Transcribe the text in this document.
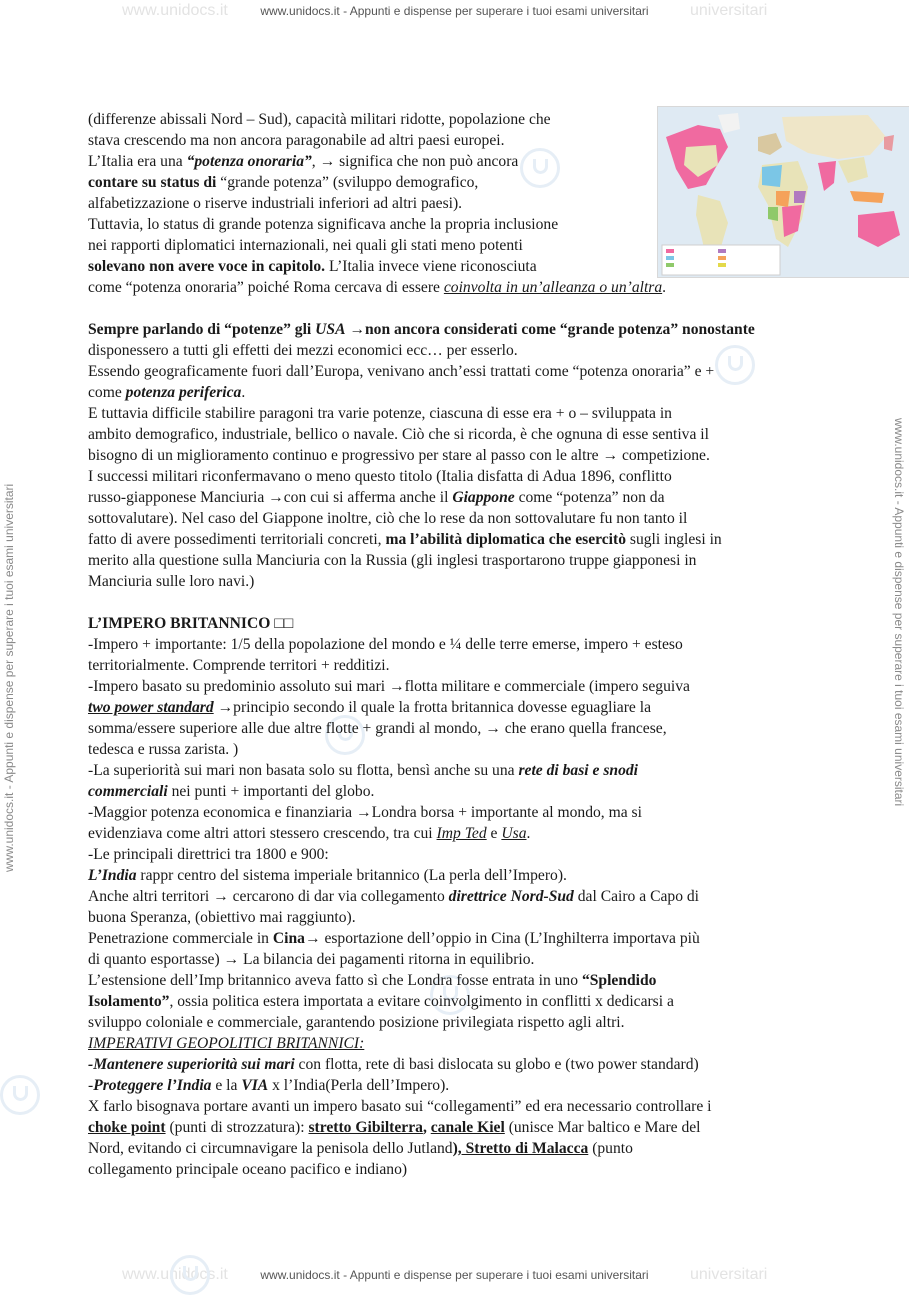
www.unidocs.it - Appunti e dispense per superare i tuoi esami universitari
www.unidocs.it - Appunti e dispense per superare i tuoi esami universitari
www.unidocs.it	universitari
www.unidocs.it	universitari
www.unidocs.it - Appunti e dispense per superare i tuoi esami universitari	www.unidocs.it - Appunti e dispense per superare i tuoi esami universitari

(differenze abissali Nord – Sud), capacità militari ridotte, popolazione che

stava crescendo ma non ancora paragonabile ad altri paesi europei.

L’Italia era una “potenza onoraria”, → significa che non può ancora

contare su status di “grande potenza” (sviluppo demografico,

alfabetizzazione o riserve industriali inferiori ad altri paesi).

Tuttavia, lo status di grande potenza significava anche la propria inclusione

nei rapporti diplomatici internazionali, nei quali gli stati meno potenti

solevano non avere voce in capitolo. L’Italia invece viene riconosciuta

come “potenza onoraria” poiché Roma cercava di essere coinvolta in un’alleanza o un’altra.

Sempre parlando di “potenze” gli USA →non ancora considerati come “grande potenza” nonostante

disponessero a tutti gli effetti dei mezzi economici ecc… per esserlo.

Essendo geograficamente fuori dall’Europa, venivano anch’essi trattati come “potenza onoraria” e +

come potenza periferica.

E tuttavia difficile stabilire paragoni tra varie potenze, ciascuna di esse era + o – sviluppata in

ambito demografico, industriale, bellico o navale. Ciò che si ricorda, è che ognuna di esse sentiva il

bisogno di un miglioramento continuo e progressivo per stare al passo con le altre → competizione.

I successi militari riconfermavano o meno questo titolo (Italia disfatta di Adua 1896, conflitto

russo-giapponese Manciuria →con cui si afferma anche il Giappone come “potenza” non da

sottovalutare). Nel caso del Giappone inoltre, ciò che lo rese da non sottovalutare fu non tanto il

fatto di avere possedimenti territoriali concreti, ma l’abilità diplomatica che esercitò sugli inglesi in

merito alla questione sulla Manciuria con la Russia (gli inglesi trasportarono truppe giapponesi in

Manciuria sulle loro navi.)

L’IMPERO BRITANNICO □□

-Impero + importante: 1/5 della popolazione del mondo e ¼ delle terre emerse, impero + esteso

territorialmente. Comprende territori + redditizi.

-Impero basato su predominio assoluto sui mari →flotta militare e commerciale (impero seguiva

two power standard →principio secondo il quale la frotta britannica dovesse eguagliare la

somma/essere superiore alle due altre flotte + grandi al mondo, → che erano quella francese,

tedesca e russa zarista. )

-La superiorità sui mari non basata solo su flotta, bensì anche su una rete di basi e snodi

commerciali nei punti + importanti del globo.

-Maggior potenza economica e finanziaria →Londra borsa + importante al mondo, ma si

evidenziava come altri attori stessero crescendo, tra cui Imp Ted e Usa.

-Le principali direttrici tra 1800 e 900:

L’India rappr centro del sistema imperiale britannico (La perla dell’Impero).

Anche altri territori → cercarono di dar via collegamento direttrice Nord-Sud dal Cairo a Capo di

buona Speranza, (obiettivo mai raggiunto).

Penetrazione commerciale in Cina→ esportazione dell’oppio in Cina (L’Inghilterra importava più

di quanto esportasse) → La bilancia dei pagamenti ritorna in equilibrio.

L’estensione dell’Imp britannico aveva fatto sì che Londra fosse entrata in uno “Splendido

Isolamento”, ossia politica estera importata a evitare coinvolgimento in conflitti x dedicarsi a

sviluppo coloniale e commerciale, garantendo posizione privilegiata rispetto agli altri.

IMPERATIVI GEOPOLITICI BRITANNICI:

-Mantenere superiorità sui mari con flotta, rete di basi dislocata su globo e (two power standard)

-Proteggere l’India e la VIA x l’India(Perla dell’Impero).

X farlo bisognava portare avanti un impero basato sui “collegamenti” ed era necessario controllare i

choke point (punti di strozzatura): stretto Gibilterra, canale Kiel (unisce Mar baltico e Mare del

Nord, evitando ci circumnavigare la penisola dello Jutland), Stretto di Malacca (punto

collegamento principale oceano pacifico e indiano)
